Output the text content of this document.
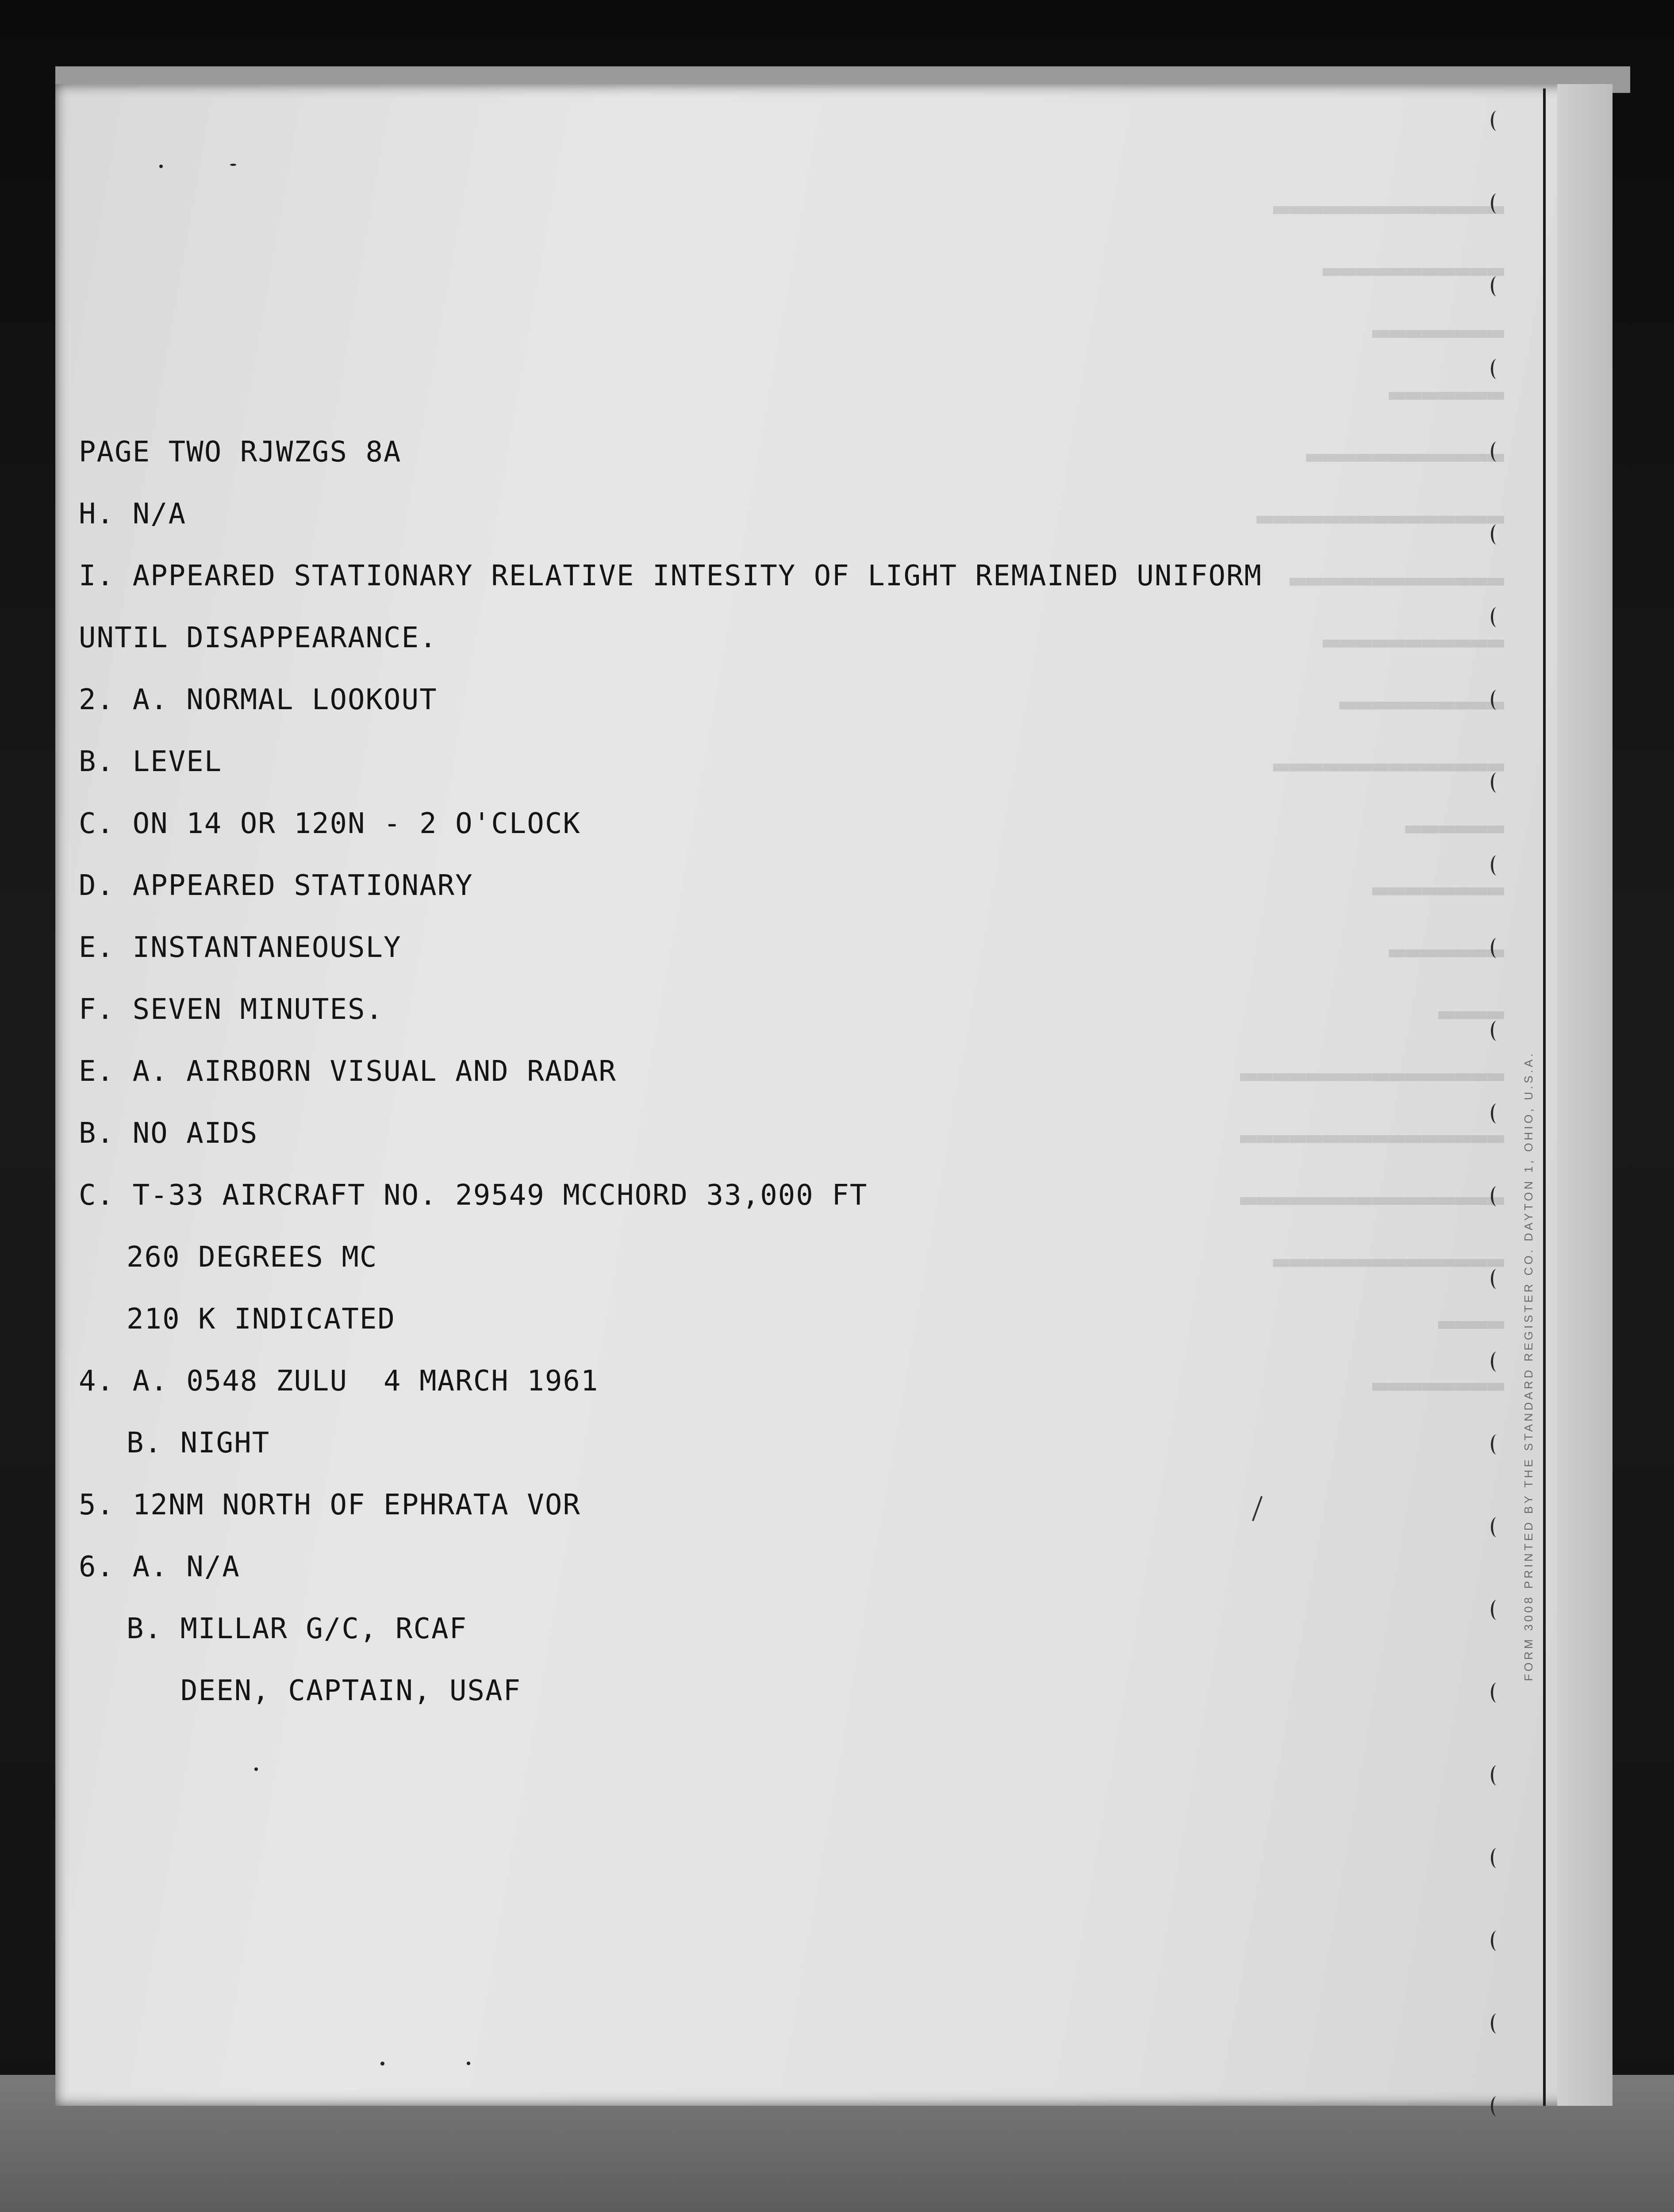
▬▬▬▬▬▬▬▬▬▬▬▬▬▬
▬▬▬▬▬▬▬▬▬▬▬
▬▬▬▬▬▬▬▬
▬▬▬▬▬▬▬
▬▬▬▬▬▬▬▬▬▬▬▬
▬▬▬▬▬▬▬▬▬▬▬▬▬▬▬
▬▬▬▬▬▬▬▬▬▬▬▬▬
▬▬▬▬▬▬▬▬▬▬▬
▬▬▬▬▬▬▬▬▬▬
▬▬▬▬▬▬▬▬▬▬▬▬▬▬
▬▬▬▬▬▬
▬▬▬▬▬▬▬▬
▬▬▬▬▬▬▬
▬▬▬▬
▬▬▬▬▬▬▬▬▬▬▬▬▬▬▬▬
▬▬▬▬▬▬▬▬▬▬▬▬▬▬▬▬
▬▬▬▬▬▬▬▬▬▬▬▬▬▬▬▬
▬▬▬▬▬▬▬▬▬▬▬▬▬▬
▬▬▬▬
▬▬▬▬▬▬▬▬ FORM 3008 PRINTED BY THE STANDARD REGISTER CO. DAYTON 1, OHIO, U.S.A.
PAGE TWO RJWZGS 8A
H. N/A
I. APPEARED STATIONARY RELATIVE INTESITY OF LIGHT REMAINED UNIFORM
UNTIL DISAPPEARANCE.
2. A. NORMAL LOOKOUT
B. LEVEL
C. ON 14 OR 120N - 2 O'CLOCK
D. APPEARED STATIONARY
E. INSTANTANEOUSLY
F. SEVEN MINUTES.
E. A. AIRBORN VISUAL AND RADAR
B. NO AIDS
C. T-33 AIRCRAFT NO. 29549 MCCHORD 33,000 FT
260 DEGREES MC
210 K INDICATED
4. A. 0548 ZULU  4 MARCH 1961
B. NIGHT
5. 12NM NORTH OF EPHRATA VOR
6. A. N/A
B. MILLAR G/C, RCAF
DEEN, CAPTAIN, USAF
